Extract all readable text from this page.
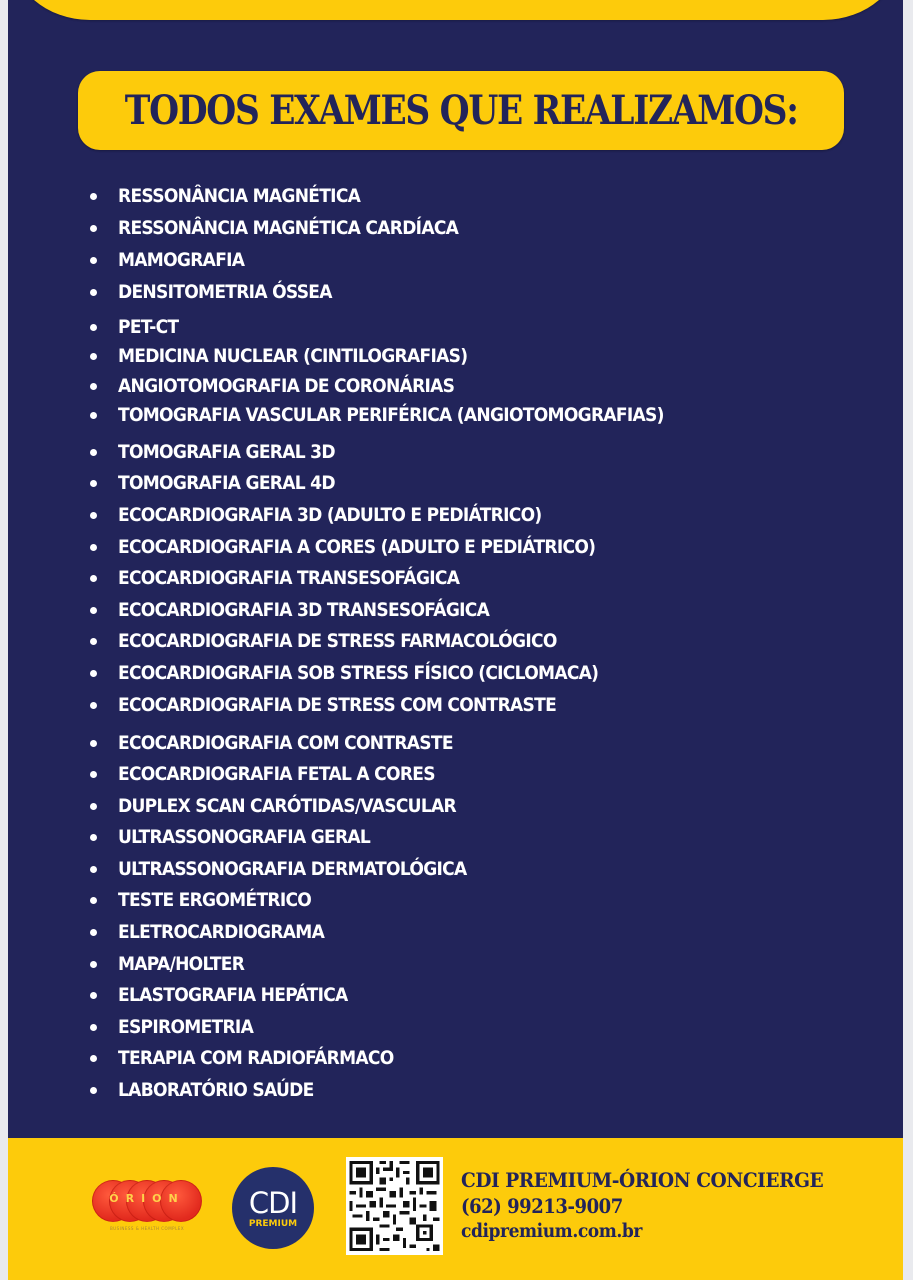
TODOS EXAMES QUE REALIZAMOS:
RESSONÂNCIA MAGNÉTICA
RESSONÂNCIA MAGNÉTICA CARDÍACA
MAMOGRAFIA
DENSITOMETRIA ÓSSEA
PET-CT
MEDICINA NUCLEAR (CINTILOGRAFIAS)
ANGIOTOMOGRAFIA DE CORONÁRIAS
TOMOGRAFIA VASCULAR PERIFÉRICA (ANGIOTOMOGRAFIAS)
TOMOGRAFIA GERAL 3D
TOMOGRAFIA GERAL 4D
ECOCARDIOGRAFIA 3D (ADULTO E PEDIÁTRICO)
ECOCARDIOGRAFIA A CORES (ADULTO E PEDIÁTRICO)
ECOCARDIOGRAFIA TRANSESOFÁGICA
ECOCARDIOGRAFIA 3D TRANSESOFÁGICA
ECOCARDIOGRAFIA DE STRESS FARMACOLÓGICO
ECOCARDIOGRAFIA SOB STRESS FÍSICO (CICLOMACA)
ECOCARDIOGRAFIA DE STRESS COM CONTRASTE
ECOCARDIOGRAFIA COM CONTRASTE
ECOCARDIOGRAFIA FETAL A CORES
DUPLEX SCAN CARÓTIDAS/VASCULAR
ULTRASSONOGRAFIA GERAL
ULTRASSONOGRAFIA DERMATOLÓGICA
TESTE ERGOMÉTRICO
ELETROCARDIOGRAMA
MAPA/HOLTER
ELASTOGRAFIA HEPÁTICA
ESPIROMETRIA
TERAPIA COM RADIOFÁRMACO
LABORATÓRIO SAÚDE
ÓRION
BUSINESS & HEALTH COMPLEX
CDI
PREMIUM
CDI PREMIUM-ÓRION CONCIERGE
(62) 99213-9007
cdipremium.com.br
